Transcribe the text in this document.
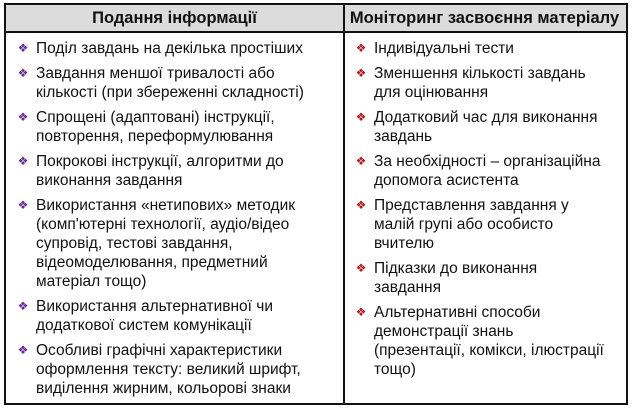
Подання інформації	Моніторинг засвоєння матеріалу
❖ Поділ завдань на декілька простіших
❖ Завдання меншої тривалості або
кількості (при збереженні складності)
❖ Спрощені (адаптовані) інструкції,
повторення, переформулювання
❖ Покрокові інструкції, алгоритми до
виконання завдання
❖ Використання «нетипових» методик
(комп'ютерні технології, аудіо/відео
супровід, тестові завдання,
відеомоделювання, предметний
матеріал тощо)
❖ Використання альтернативної чи
додаткової систем комунікації
❖ Особливі графічні характеристики
оформлення тексту: великий шрифт,
виділення жирним, кольорові знаки
❖ Індивідуальні тести
❖ Зменшення кількості завдань
для оцінювання
❖ Додатковий час для виконання
завдань
❖ За необхідності – організаційна
допомога асистента
❖ Представлення завдання у
малій групі або особисто
вчителю
❖ Підказки до виконання
завдання
❖ Альтернативні способи
демонстрації знань
(презентації, комікси, ілюстрації
тощо)
